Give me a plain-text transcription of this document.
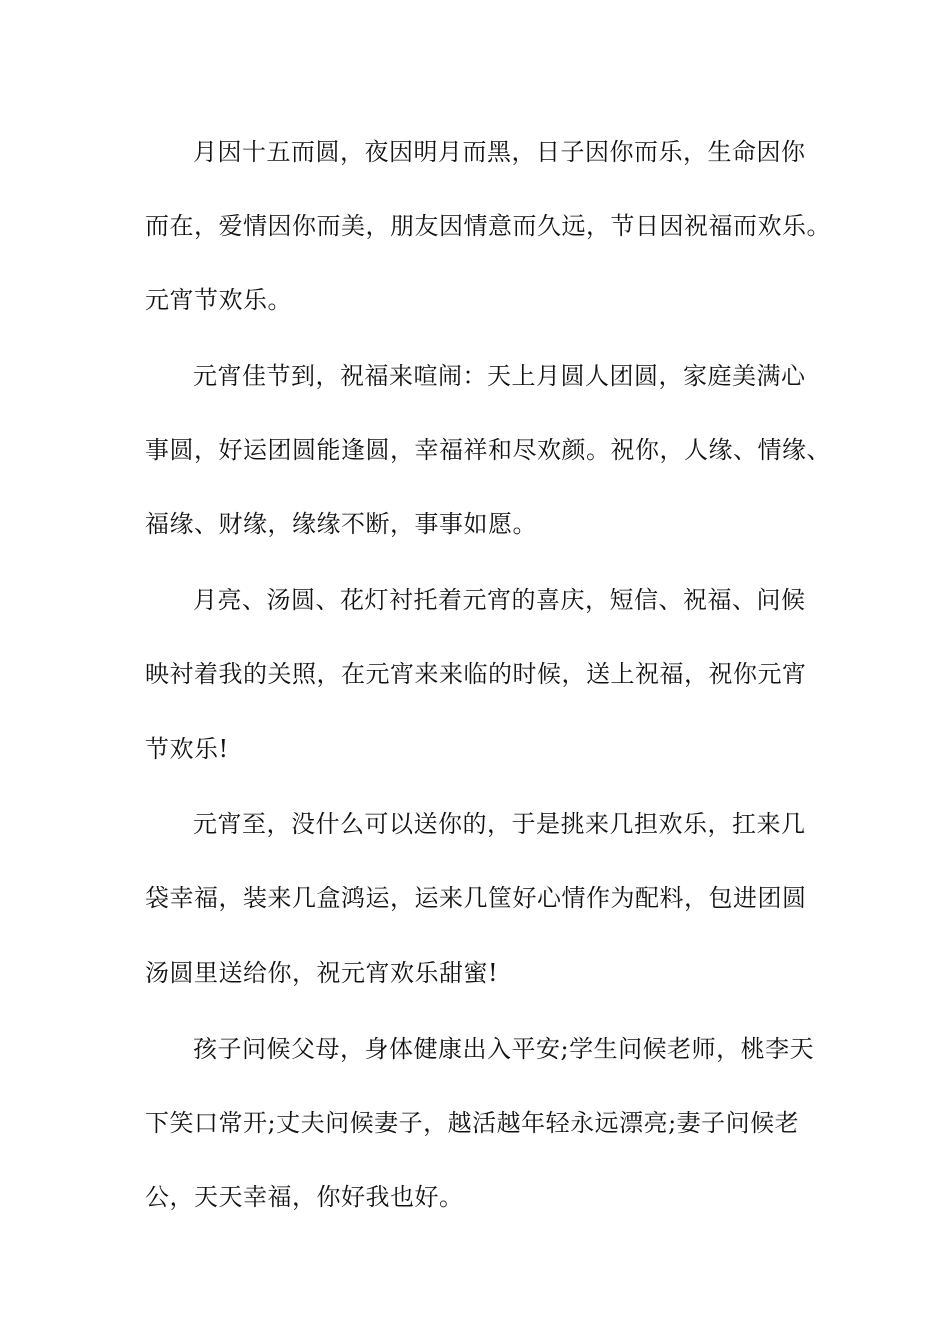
月因十五而圆，夜因明月而黑，日子因你而乐，生命因你
而在，爱情因你而美，朋友因情意而久远，节日因祝福而欢乐。
元宵节欢乐。
元宵佳节到，祝福来喧闹：天上月圆人团圆，家庭美满心
事圆，好运团圆能逢圆，幸福祥和尽欢颜。祝你，人缘、情缘、
福缘、财缘，缘缘不断，事事如愿。
月亮、汤圆、花灯衬托着元宵的喜庆，短信、祝福、问候
映衬着我的关照，在元宵来来临的时候，送上祝福，祝你元宵
节欢乐!
元宵至，没什么可以送你的，于是挑来几担欢乐，扛来几
袋幸福，装来几盒鸿运，运来几筐好心情作为配料，包进团圆
汤圆里送给你，祝元宵欢乐甜蜜!
孩子问候父母，身体健康出入平安;学生问候老师，桃李天
下笑口常开;丈夫问候妻子，越活越年轻永远漂亮;妻子问候老
公，天天幸福，你好我也好。
